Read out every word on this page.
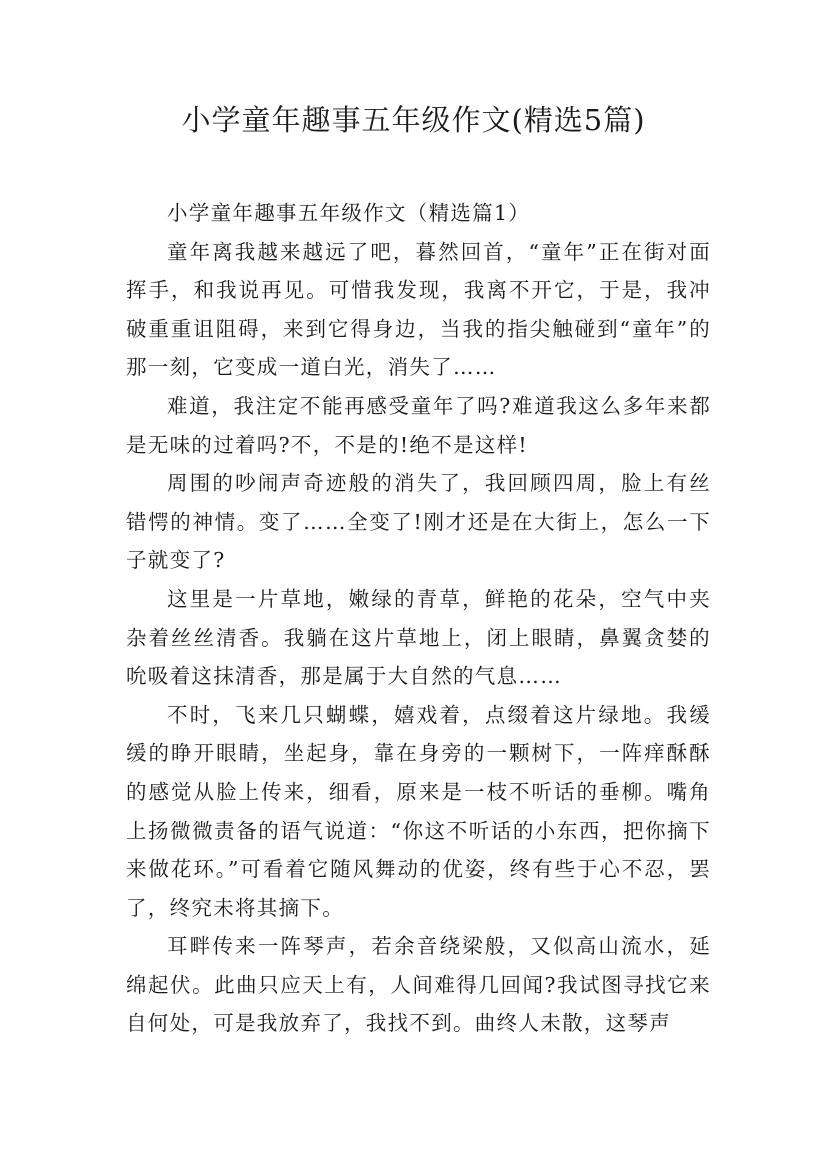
小学童年趣事五年级作文(精选5篇)

小学童年趣事五年级作文（精选篇1）

童年离我越来越远了吧，暮然回首，“童年”正在街对面挥手，和我说再见。可惜我发现，我离不开它，于是，我冲破重重诅阻碍，来到它得身边，当我的指尖触碰到“童年”的那一刻，它变成一道白光，消失了……

难道，我注定不能再感受童年了吗?难道我这么多年来都是无味的过着吗?不，不是的!绝不是这样!

周围的吵闹声奇迹般的消失了，我回顾四周，脸上有丝错愕的神情。变了……全变了!刚才还是在大街上，怎么一下子就变了?

这里是一片草地，嫩绿的青草，鲜艳的花朵，空气中夹杂着丝丝清香。我躺在这片草地上，闭上眼睛，鼻翼贪婪的吮吸着这抹清香，那是属于大自然的气息……

不时，飞来几只蝴蝶，嬉戏着，点缀着这片绿地。我缓缓的睁开眼睛，坐起身，靠在身旁的一颗树下，一阵痒酥酥的感觉从脸上传来，细看，原来是一枝不听话的垂柳。嘴角上扬微微责备的语气说道：“你这不听话的小东西，把你摘下来做花环。”可看着它随风舞动的优姿，终有些于心不忍，罢了，终究未将其摘下。

耳畔传来一阵琴声，若余音绕梁般，又似高山流水，延绵起伏。此曲只应天上有，人间难得几回闻?我试图寻找它来自何处，可是我放弃了，我找不到。曲终人未散，这琴声
